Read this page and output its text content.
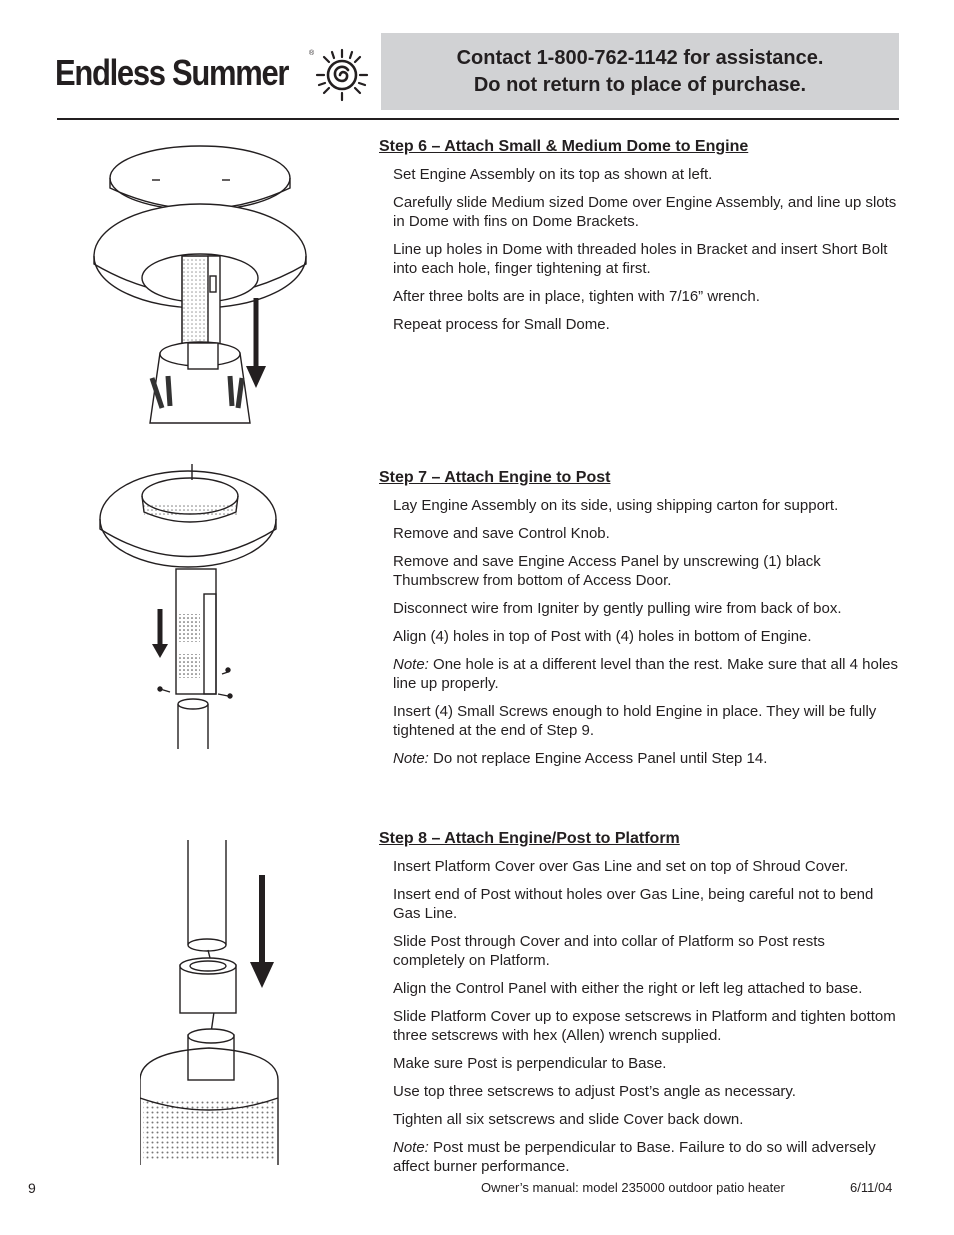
Endless Summer	®	Contact 1-800-762-1142 for assistance.
Do not return to place of purchase.
Step 6 – Attach Small & Medium Dome to Engine

Set Engine Assembly on its top as shown at left.

Carefully slide Medium sized Dome over Engine Assembly, and line up slots in Dome with fins on Dome Brackets.

Line up holes in Dome with threaded holes in Bracket and insert Short Bolt into each hole, finger tightening at first.

After three bolts are in place, tighten with 7/16” wrench.

Repeat process for Small Dome.

Step 7 – Attach Engine to Post

Lay Engine Assembly on its side, using shipping carton for support.

Remove and save Control Knob.

Remove and save Engine Access Panel by unscrewing (1) black Thumbscrew from bottom of Access Door.

Disconnect wire from Igniter by gently pulling wire from back of box.

Align (4) holes in top of Post with (4) holes in bottom of Engine.

Note: One hole is at a different level than the rest. Make sure that all 4 holes line up properly.

Insert (4) Small Screws enough to hold Engine in place. They will be fully tightened at the end of Step 9.

Note: Do not replace Engine Access Panel until Step 14.

Step 8 – Attach Engine/Post to Platform

Insert Platform Cover over Gas Line and set on top of Shroud Cover.

Insert end of Post without holes over Gas Line, being careful not to bend Gas Line.

Slide Post through Cover and into collar of Platform so Post rests completely on Platform.

Align the Control Panel with either the right or left leg attached to base.

Slide Platform Cover up to expose setscrews in Platform and tighten bottom three setscrews with hex (Allen) wrench supplied.

Make sure Post is perpendicular to Base.

Use top three setscrews to adjust Post’s angle as necessary.

Tighten all six setscrews and slide Cover back down.

Note: Post must be perpendicular to Base. Failure to do so will adversely affect burner performance.

9	Owner’s manual: model 235000 outdoor patio heater	6/11/04
